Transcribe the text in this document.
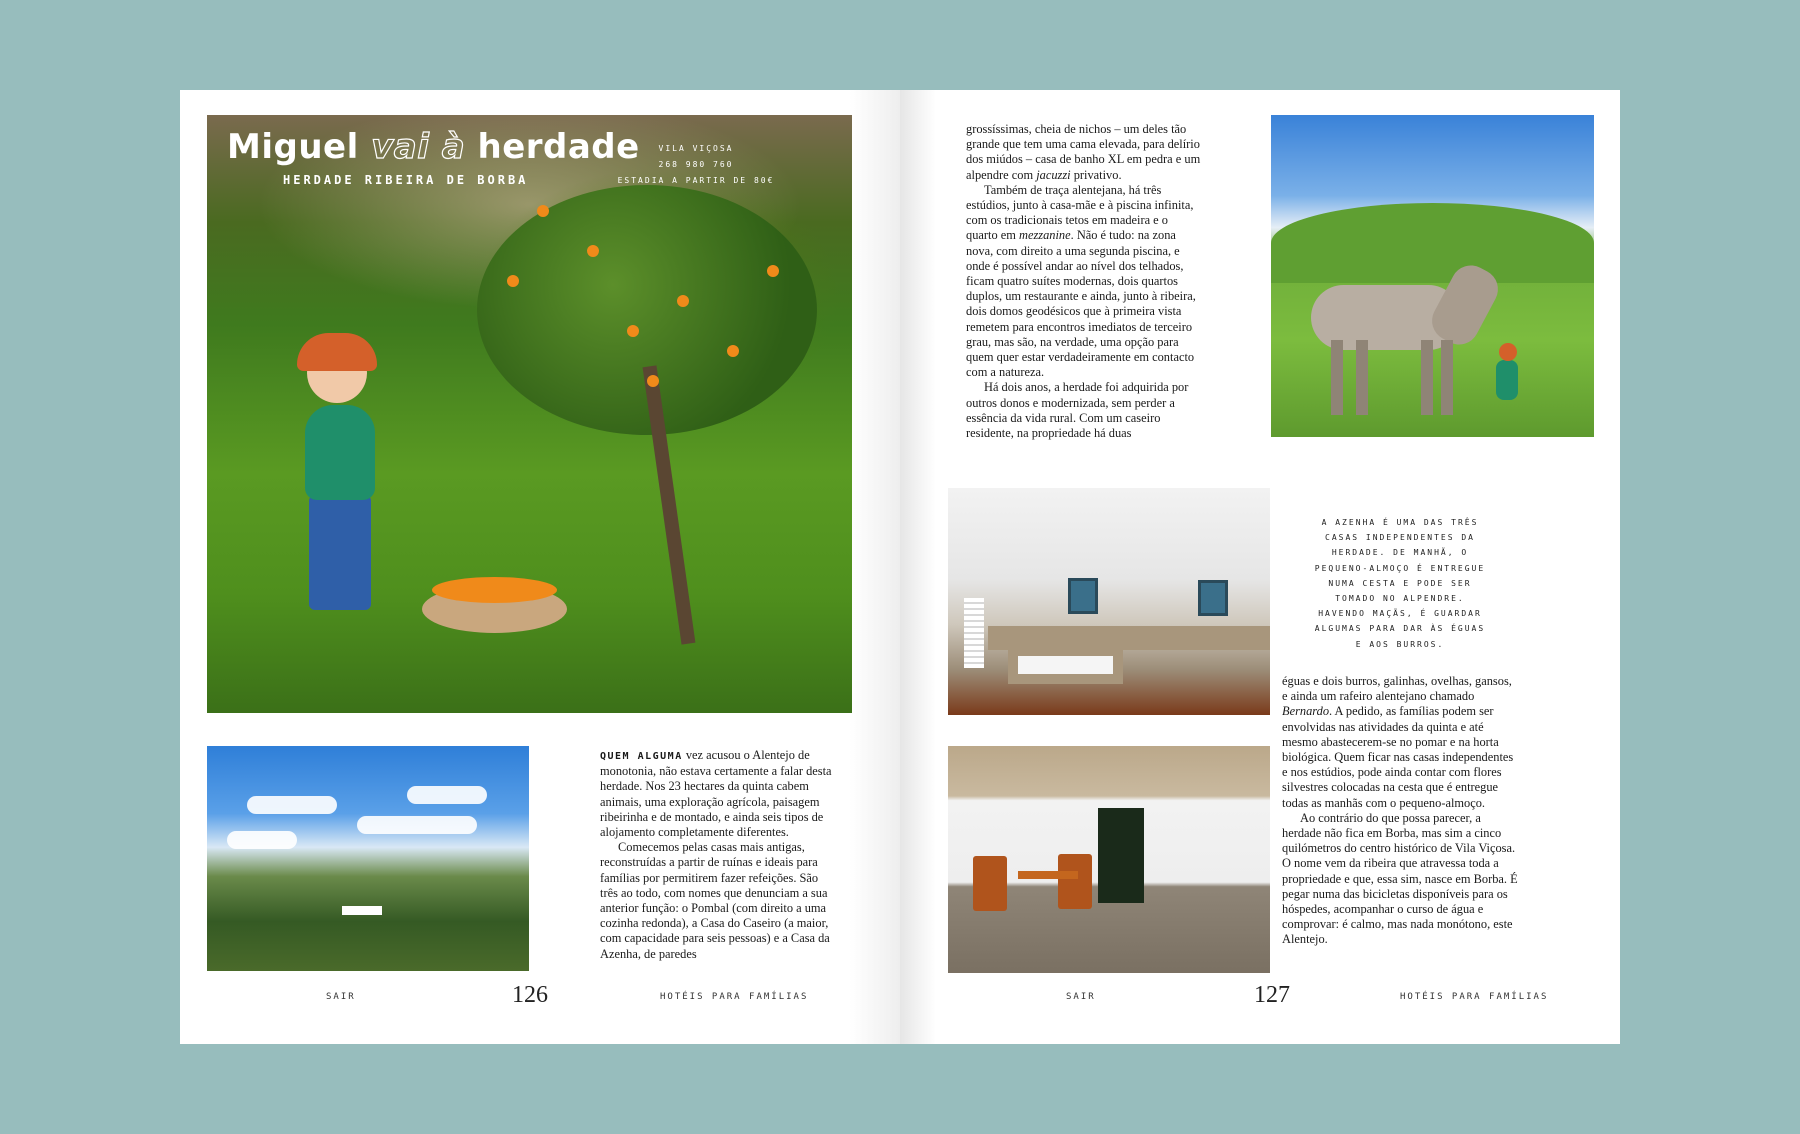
Miguel vai à herdade
HERDADE RIBEIRA DE BORBA
VILA VIÇOSA
268 980 760
ESTADIA A PARTIR DE 80€

QUEM ALGUMA vez acusou o Alentejo de monotonia, não estava certamente a falar desta herdade. Nos 23 hectares da quinta cabem animais, uma exploração agrícola, paisagem ribeirinha e de montado, e ainda seis tipos de alojamento completamente diferentes.

Comecemos pelas casas mais antigas, reconstruídas a partir de ruínas e ideais para famílias por permitirem fazer refeições. São três ao todo, com nomes que denunciam a sua anterior função: o Pombal (com direito a uma cozinha redonda), a Casa do Caseiro (a maior, com capacidade para seis pessoas) e a Casa da Azenha, de paredes

SAIR	126	HOTÉIS PARA FAMÍLIAS

grossíssimas, cheia de nichos – um deles tão grande que tem uma cama elevada, para delírio dos miúdos – casa de banho XL em pedra e um alpendre com jacuzzi privativo.

Também de traça alentejana, há três estúdios, junto à casa-mãe e à piscina infinita, com os tradicionais tetos em madeira e o quarto em mezzanine. Não é tudo: na zona nova, com direito a uma segunda piscina, e onde é possível andar ao nível dos telhados, ficam quatro suítes modernas, dois quartos duplos, um restaurante e ainda, junto à ribeira, dois domos geodésicos que à primeira vista remetem para encontros imediatos de terceiro grau, mas são, na verdade, uma opção para quem quer estar verdadeiramente em contacto com a natureza.

Há dois anos, a herdade foi adquirida por outros donos e modernizada, sem perder a essência da vida rural. Com um caseiro residente, na propriedade há duas

A AZENHA É UMA DAS TRÊS CASAS INDEPENDENTES DA HERDADE. DE MANHÃ, O PEQUENO-ALMOÇO É ENTREGUE NUMA CESTA E PODE SER TOMADO NO ALPENDRE. HAVENDO MAÇÃS, É GUARDAR ALGUMAS PARA DAR ÀS ÉGUAS E AOS BURROS.

éguas e dois burros, galinhas, ovelhas, gansos, e ainda um rafeiro alentejano chamado Bernardo. A pedido, as famílias podem ser envolvidas nas atividades da quinta e até mesmo abastecerem-se no pomar e na horta biológica. Quem ficar nas casas independentes e nos estúdios, pode ainda contar com flores silvestres colocadas na cesta que é entregue todas as manhãs com o pequeno-almoço.

Ao contrário do que possa parecer, a herdade não fica em Borba, mas sim a cinco quilómetros do centro histórico de Vila Viçosa. O nome vem da ribeira que atravessa toda a propriedade e que, essa sim, nasce em Borba. É pegar numa das bicicletas disponíveis para os hóspedes, acompanhar o curso de água e comprovar: é calmo, mas nada monótono, este Alentejo.

SAIR	127	HOTÉIS PARA FAMÍLIAS
